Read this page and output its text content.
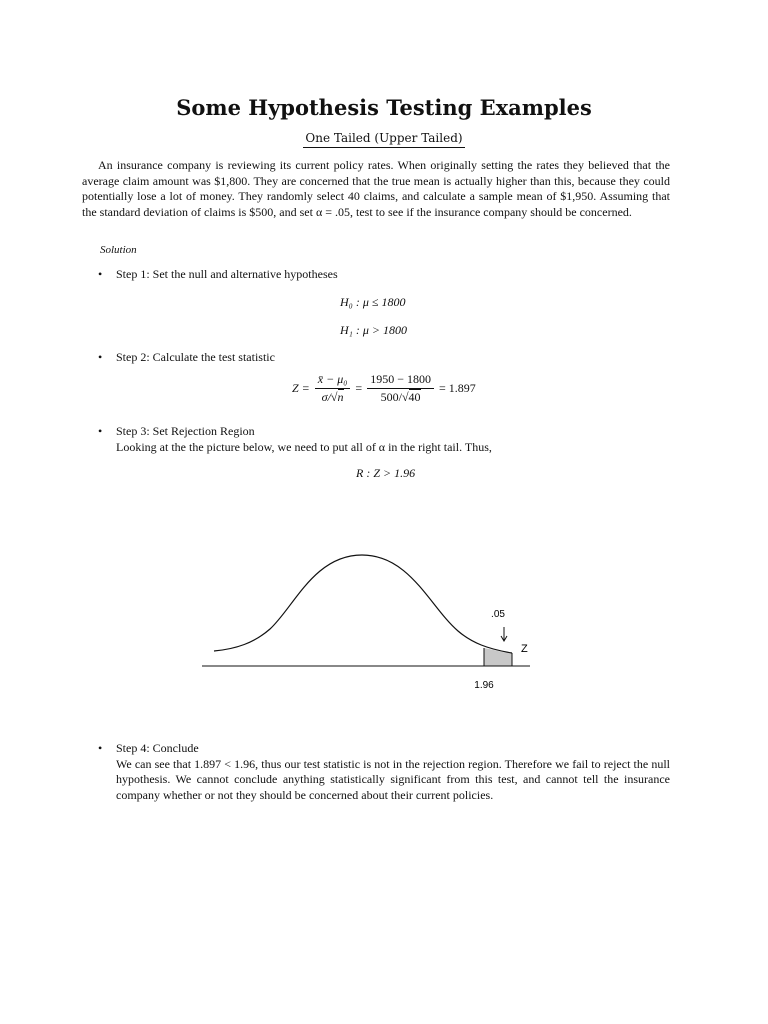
Some Hypothesis Testing Examples
One Tailed (Upper Tailed)
An insurance company is reviewing its current policy rates. When originally setting the rates they believed that the average claim amount was $1,800. They are concerned that the true mean is actually higher than this, because they could potentially lose a lot of money. They randomly select 40 claims, and calculate a sample mean of $1,950. Assuming that the standard deviation of claims is $500, and set α = .05, test to see if the insurance company should be concerned.
Solution
• Step 1: Set the null and alternative hypotheses
H₀ : μ ≤ 1800
H₁ : μ > 1800
• Step 2: Calculate the test statistic
$Z = \frac{\text{x̄ − μ₀}}{\sigma/√n} = \frac{1950 - 1800}{500/√40} = 1.897$
• Step 3: Set Rejection Region
Looking at the the picture below, we need to put all of α in the right tail. Thus,
R : Z > 1.96
.05
Z
1.96
• Step 4: Conclude
We can see that 1.897 < 1.96, thus our test statistic is not in the rejection region. Therefore we fail to reject the null hypothesis. We cannot conclude anything statistically significant from this test, and cannot tell the insurance company whether or not they should be concerned about their current policies.
